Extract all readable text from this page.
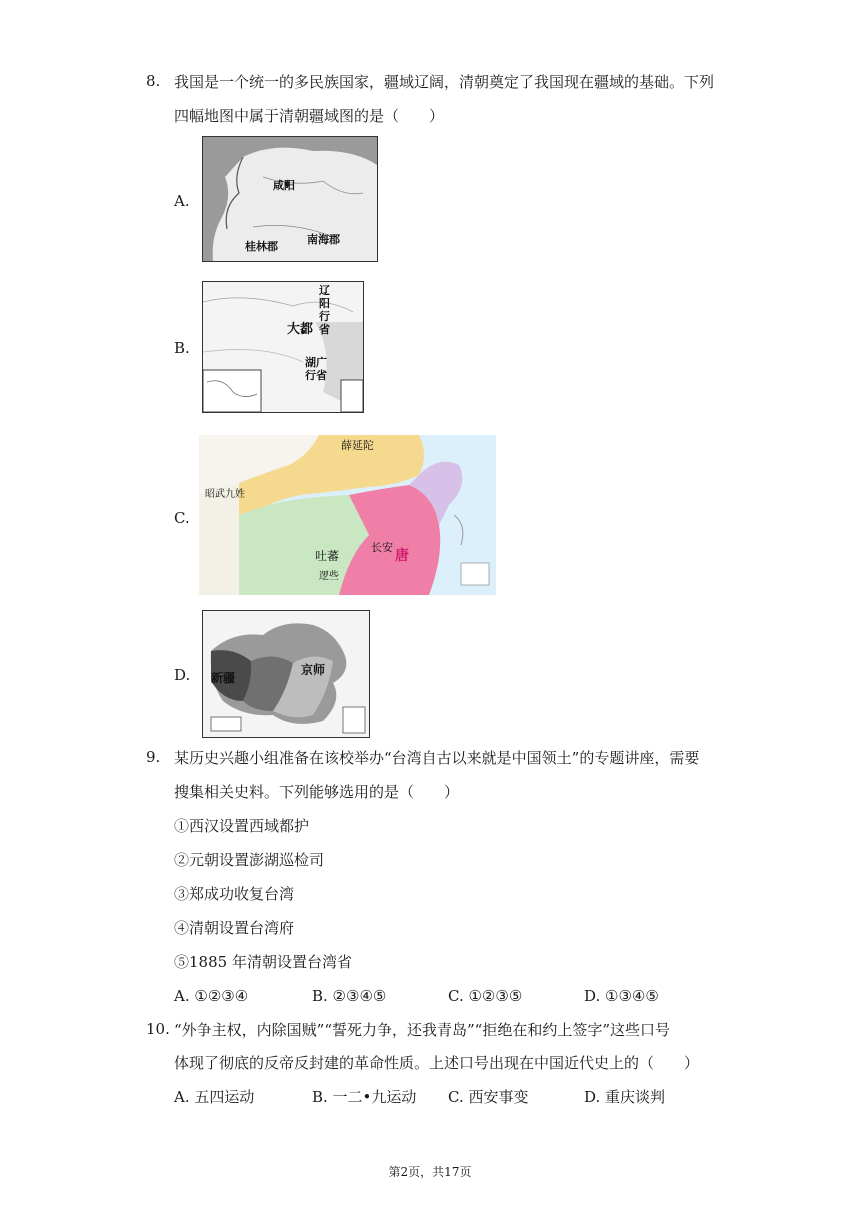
8. 我国是一个统一的多民族国家，疆域辽阔，清朝奠定了我国现在疆域的基础。下列
四幅地图中属于清朝疆域图的是（　　）
A.
咸阳
桂林郡
南海郡
B.
辽阳行省
大都
湖广行省
C.
薛延陀
吐蕃
长安
唐
逻些
昭武九姓
D.	京师
新疆
9. 某历史兴趣小组准备在该校举办“台湾自古以来就是中国领土”的专题讲座，需要
搜集相关史料。下列能够选用的是（　　）
①西汉设置西域都护
②元朝设置澎湖巡检司
③郑成功收复台湾
④清朝设置台湾府
⑤1885 年清朝设置台湾省
A. ①②③④	B. ②③④⑤	C. ①②③⑤	D. ①③④⑤
10. “外争主权，内除国贼”“誓死力争，还我青岛”“拒绝在和约上签字”这些口号
体现了彻底的反帝反封建的革命性质。上述口号出现在中国近代史上的（　　）
A. 五四运动	B. 一二•九运动 C. 西安事变	D. 重庆谈判
第2页，共17页
